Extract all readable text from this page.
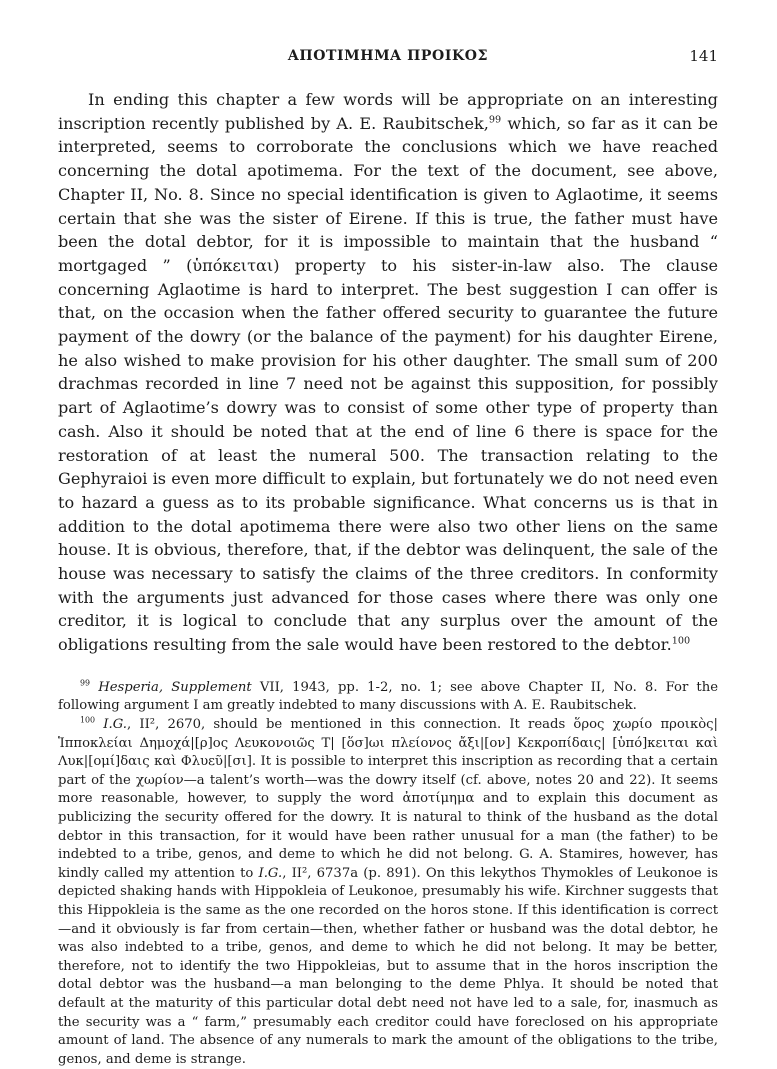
ΑΠΟΤΙΜΗΜΑ ΠΡΟΙΚΟΣ	141

In ending this chapter a few words will be appropriate on an interesting inscription recently published by A. E. Raubitschek,$^{99}$ which, so far as it can be interpreted, seems to corroborate the conclusions which we have reached concerning the dotal apotimema. For the text of the document, see above, Chapter II, No. 8. Since no special identification is given to Aglaotime, it seems certain that she was the sister of Eirene. If this is true, the father must have been the dotal debtor, for it is impossible to maintain that the husband “ mortgaged ” (ὑπόκειται) property to his sister-in-law also. The clause concerning Aglaotime is hard to interpret. The best suggestion I can offer is that, on the occasion when the father offered security to guarantee the future payment of the dowry (or the balance of the payment) for his daughter Eirene, he also wished to make provision for his other daughter. The small sum of 200 drachmas recorded in line 7 need not be against this supposition, for possibly part of Aglaotime’s dowry was to consist of some other type of property than cash. Also it should be noted that at the end of line 6 there is space for the restoration of at least the numeral 500. The transaction relating to the Gephyraioi is even more difficult to explain, but fortunately we do not need even to hazard a guess as to its probable significance. What concerns us is that in addition to the dotal apotimema there were also two other liens on the same house. It is obvious, therefore, that, if the debtor was delinquent, the sale of the house was necessary to satisfy the claims of the three creditors. In conformity with the arguments just advanced for those cases where there was only one creditor, it is logical to conclude that any surplus over the amount of the obligations resulting from the sale would have been restored to the debtor.$^{100}$

$^{99}$ Hesperia, Supplement VII, 1943, pp. 1-2, no. 1; see above Chapter II, No. 8. For the following argument I am greatly indebted to many discussions with A. E. Raubitschek.

$^{100}$ I.G., II², 2670, should be mentioned in this connection. It reads ὅρος χωρίο προικὸς| Ἱπποκλείαι Δημοχά|[ρ]ος Λευκονοιῶς Τ| [ὅσ]ωι πλείονος ἄξι|[ον] Κεκροπίδαις| [ὑπό]κειται καὶ Λυκ|[ομί]δαις καὶ Φλυεῦ|[σι]. It is possible to interpret this inscription as recording that a certain part of the χωρίον—a talent’s worth—was the dowry itself (cf. above, notes 20 and 22). It seems more reasonable, however, to supply the word ἀποτίμημα and to explain this document as publicizing the security offered for the dowry. It is natural to think of the husband as the dotal debtor in this transaction, for it would have been rather unusual for a man (the father) to be indebted to a tribe, genos, and deme to which he did not belong. G. A. Stamires, however, has kindly called my attention to I.G., II², 6737a (p. 891). On this lekythos Thymokles of Leukonoe is depicted shaking hands with Hippokleia of Leukonoe, presumably his wife. Kirchner suggests that this Hippokleia is the same as the one recorded on the horos stone. If this identification is correct—and it obviously is far from certain—then, whether father or husband was the dotal debtor, he was also indebted to a tribe, genos, and deme to which he did not belong. It may be better, therefore, not to identify the two Hippokleias, but to assume that in the horos inscription the dotal debtor was the husband—a man belonging to the deme Phlya. It should be noted that default at the maturity of this particular dotal debt need not have led to a sale, for, inasmuch as the security was a “ farm,” presumably each creditor could have foreclosed on his appropriate amount of land. The absence of any numerals to mark the amount of the obligations to the tribe, genos, and deme is strange.
